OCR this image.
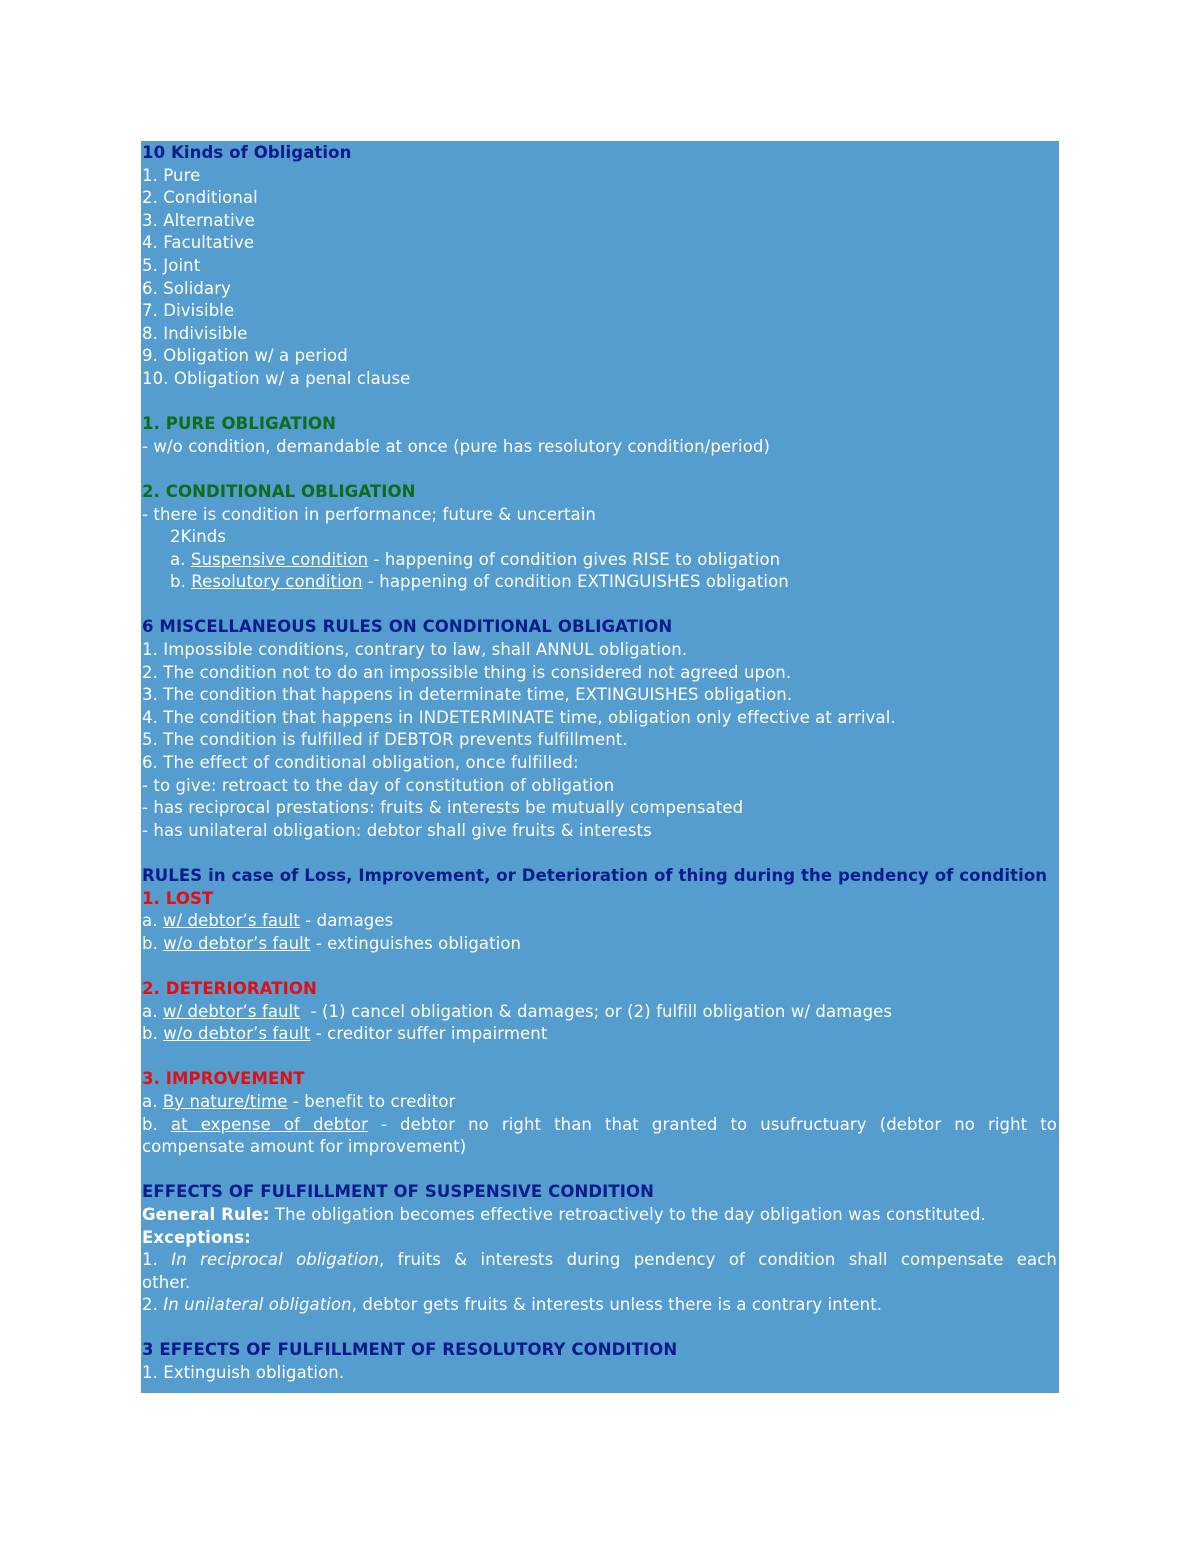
10 Kinds of Obligation
1. Pure
2. Conditional
3. Alternative
4. Facultative
5. Joint
6. Solidary
7. Divisible
8. Indivisible
9. Obligation w/ a period
10. Obligation w/ a penal clause
1. PURE OBLIGATION
- w/o condition, demandable at once (pure has resolutory condition/period)
2. CONDITIONAL OBLIGATION
- there is condition in performance; future & uncertain
2Kinds
a. Suspensive condition - happening of condition gives RISE to obligation
b. Resolutory condition - happening of condition EXTINGUISHES obligation
6 MISCELLANEOUS RULES ON CONDITIONAL OBLIGATION
1. Impossible conditions, contrary to law, shall ANNUL obligation.
2. The condition not to do an impossible thing is considered not agreed upon.
3. The condition that happens in determinate time, EXTINGUISHES obligation.
4. The condition that happens in INDETERMINATE time, obligation only effective at arrival.
5. The condition is fulfilled if DEBTOR prevents fulfillment.
6. The effect of conditional obligation, once fulfilled:
- to give: retroact to the day of constitution of obligation
- has reciprocal prestations: fruits & interests be mutually compensated
- has unilateral obligation: debtor shall give fruits & interests
RULES in case of Loss, Improvement, or Deterioration of thing during the pendency of condition
1. LOST
a. w/ debtor’s fault - damages
b. w/o debtor’s fault - extinguishes obligation
2. DETERIORATION
a. w/ debtor’s fault  - (1) cancel obligation & damages; or (2) fulfill obligation w/ damages
b. w/o debtor’s fault - creditor suffer impairment
3. IMPROVEMENT
a. By nature/time - benefit to creditor
b. at expense of debtor - debtor no right than that granted to usufructuary (debtor no right to
compensate amount for improvement)
EFFECTS OF FULFILLMENT OF SUSPENSIVE CONDITION
General Rule: The obligation becomes effective retroactively to the day obligation was constituted.
Exceptions:
1. In reciprocal obligation, fruits & interests during pendency of condition shall compensate each
other.
2. In unilateral obligation, debtor gets fruits & interests unless there is a contrary intent.
3 EFFECTS OF FULFILLMENT OF RESOLUTORY CONDITION
1. Extinguish obligation.
